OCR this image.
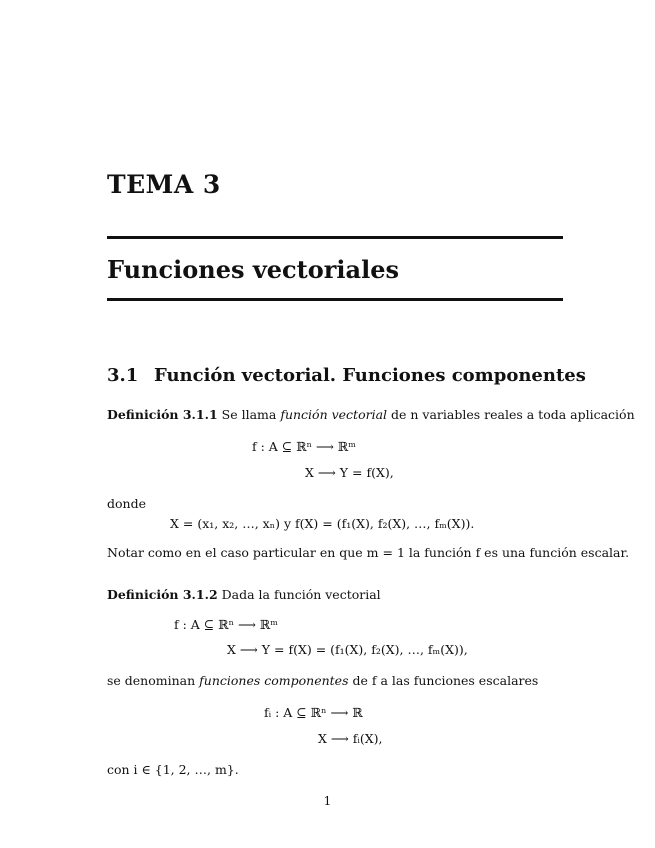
TEMA 3
Funciones vectoriales
3.1 Función vectorial. Funciones componentes
Definición 3.1.1 Se llama función vectorial de n variables reales a toda aplicación
f : A ⊆ ℝⁿ ⟶ ℝᵐ
X ⟶ Y = f(X),
donde
X = (x₁, x₂, …, xₙ) y f(X) = (f₁(X), f₂(X), …, fₘ(X)).
Notar como en el caso particular en que m = 1 la función f es una función escalar.
Definición 3.1.2 Dada la función vectorial
f : A ⊆ ℝⁿ ⟶ ℝᵐ
X ⟶ Y = f(X) = (f₁(X), f₂(X), …, fₘ(X)),
se denominan funciones componentes de f a las funciones escalares
fᵢ : A ⊆ ℝⁿ ⟶ ℝ
X ⟶ fᵢ(X),
con i ∈ {1, 2, …, m}.
1
